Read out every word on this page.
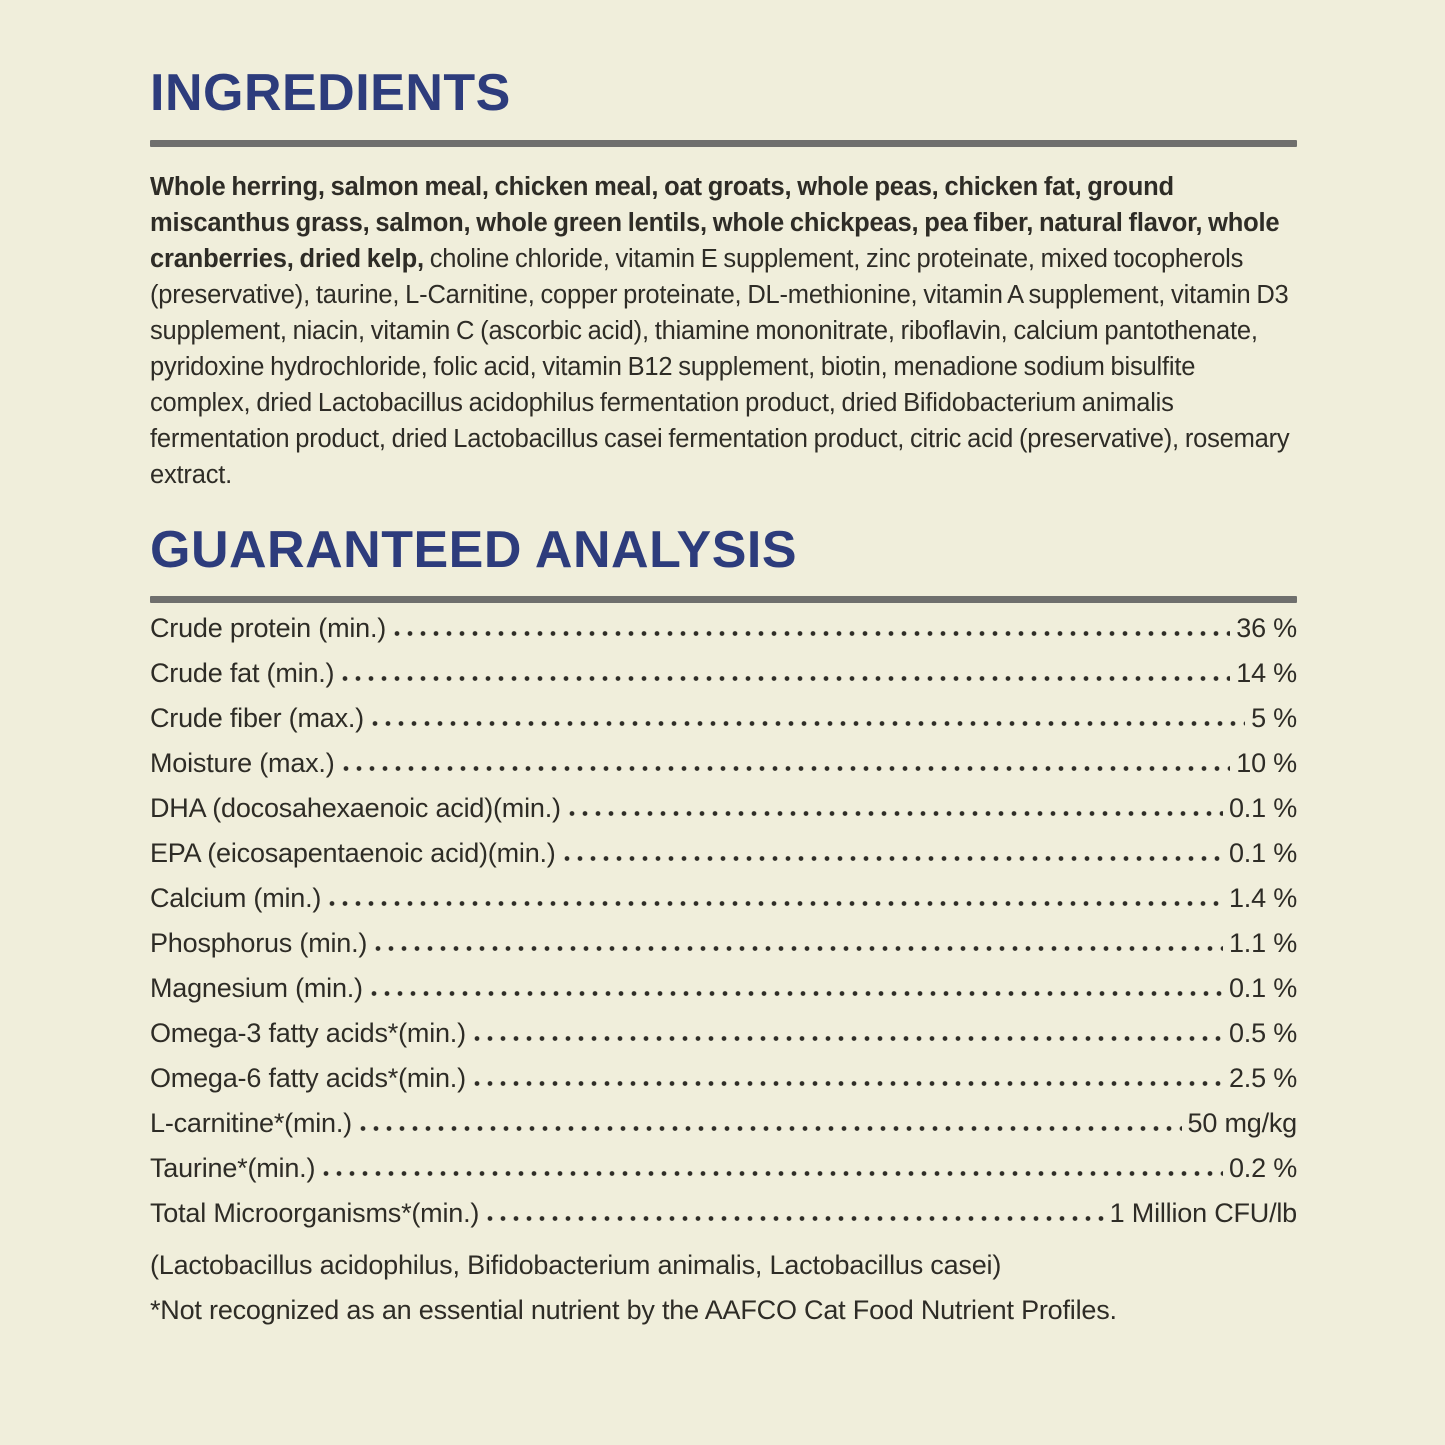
INGREDIENTS

Whole herring, salmon meal, chicken meal, oat groats, whole peas, chicken fat, ground miscanthus grass, salmon, whole green lentils, whole chickpeas, pea fiber, natural flavor, whole cranberries, dried kelp, choline chloride, vitamin E supplement, zinc proteinate, mixed tocopherols (preservative), taurine, L-Carnitine, copper proteinate, DL-methionine, vitamin A supplement, vitamin D3 supplement, niacin, vitamin C (ascorbic acid), thiamine mononitrate, riboflavin, calcium pantothenate, pyridoxine hydrochloride, folic acid, vitamin B12 supplement, biotin, menadione sodium bisulfite complex, dried Lactobacillus acidophilus fermentation product, dried Bifidobacterium animalis fermentation product, dried Lactobacillus casei fermentation product, citric acid (preservative), rosemary extract.

GUARANTEED ANALYSIS
Crude protein (min.)	36 %
Crude fat (min.)	14 %
Crude fiber (max.)	5 %
Moisture (max.)	10 %
DHA (docosahexaenoic acid)(min.)	0.1 %
EPA (eicosapentaenoic acid)(min.)	0.1 %
Calcium (min.)	1.4 %
Phosphorus (min.)	1.1 %
Magnesium (min.)	0.1 %
Omega-3 fatty acids*(min.)	0.5 %
Omega-6 fatty acids*(min.)	2.5 %
L-carnitine*(min.)	50 mg/kg
Taurine*(min.)	0.2 %
Total Microorganisms*(min.)	1 Million CFU/lb

(Lactobacillus acidophilus, Bifidobacterium animalis, Lactobacillus casei)

*Not recognized as an essential nutrient by the AAFCO Cat Food Nutrient Profiles.
